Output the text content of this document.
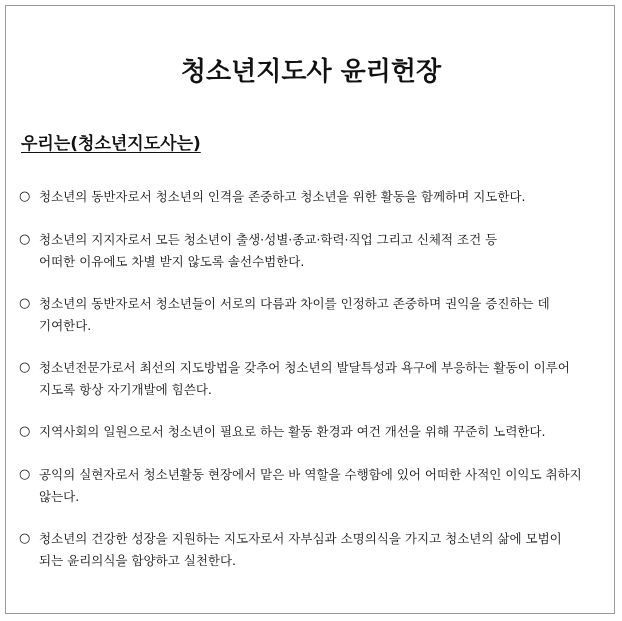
청소년지도사 윤리헌장
우리는(청소년지도사는)
○ 청소년의 동반자로서 청소년의 인격을 존중하고 청소년을 위한 활동을 함께하며 지도한다.
○ 청소년의 지지자로서 모든 청소년이 출생·성별·종교·학력·직업 그리고 신체적 조건 등
어떠한 이유에도 차별 받지 않도록 솔선수범한다.
○ 청소년의 동반자로서 청소년들이 서로의 다름과 차이를 인정하고 존중하며 권익을 증진하는 데
기여한다.
○ 청소년전문가로서 최선의 지도방법을 갖추어 청소년의 발달특성과 욕구에 부응하는 활동이 이루어
지도록 항상 자기개발에 힘쓴다.
○ 지역사회의 일원으로서 청소년이 필요로 하는 활동 환경과 여건 개선을 위해 꾸준히 노력한다.
○ 공익의 실현자로서 청소년활동 현장에서 맡은 바 역할을 수행함에 있어 어떠한 사적인 이익도 취하지
않는다.
○ 청소년의 건강한 성장을 지원하는 지도자로서 자부심과 소명의식을 가지고 청소년의 삶에 모범이
되는 윤리의식을 함양하고 실천한다.
